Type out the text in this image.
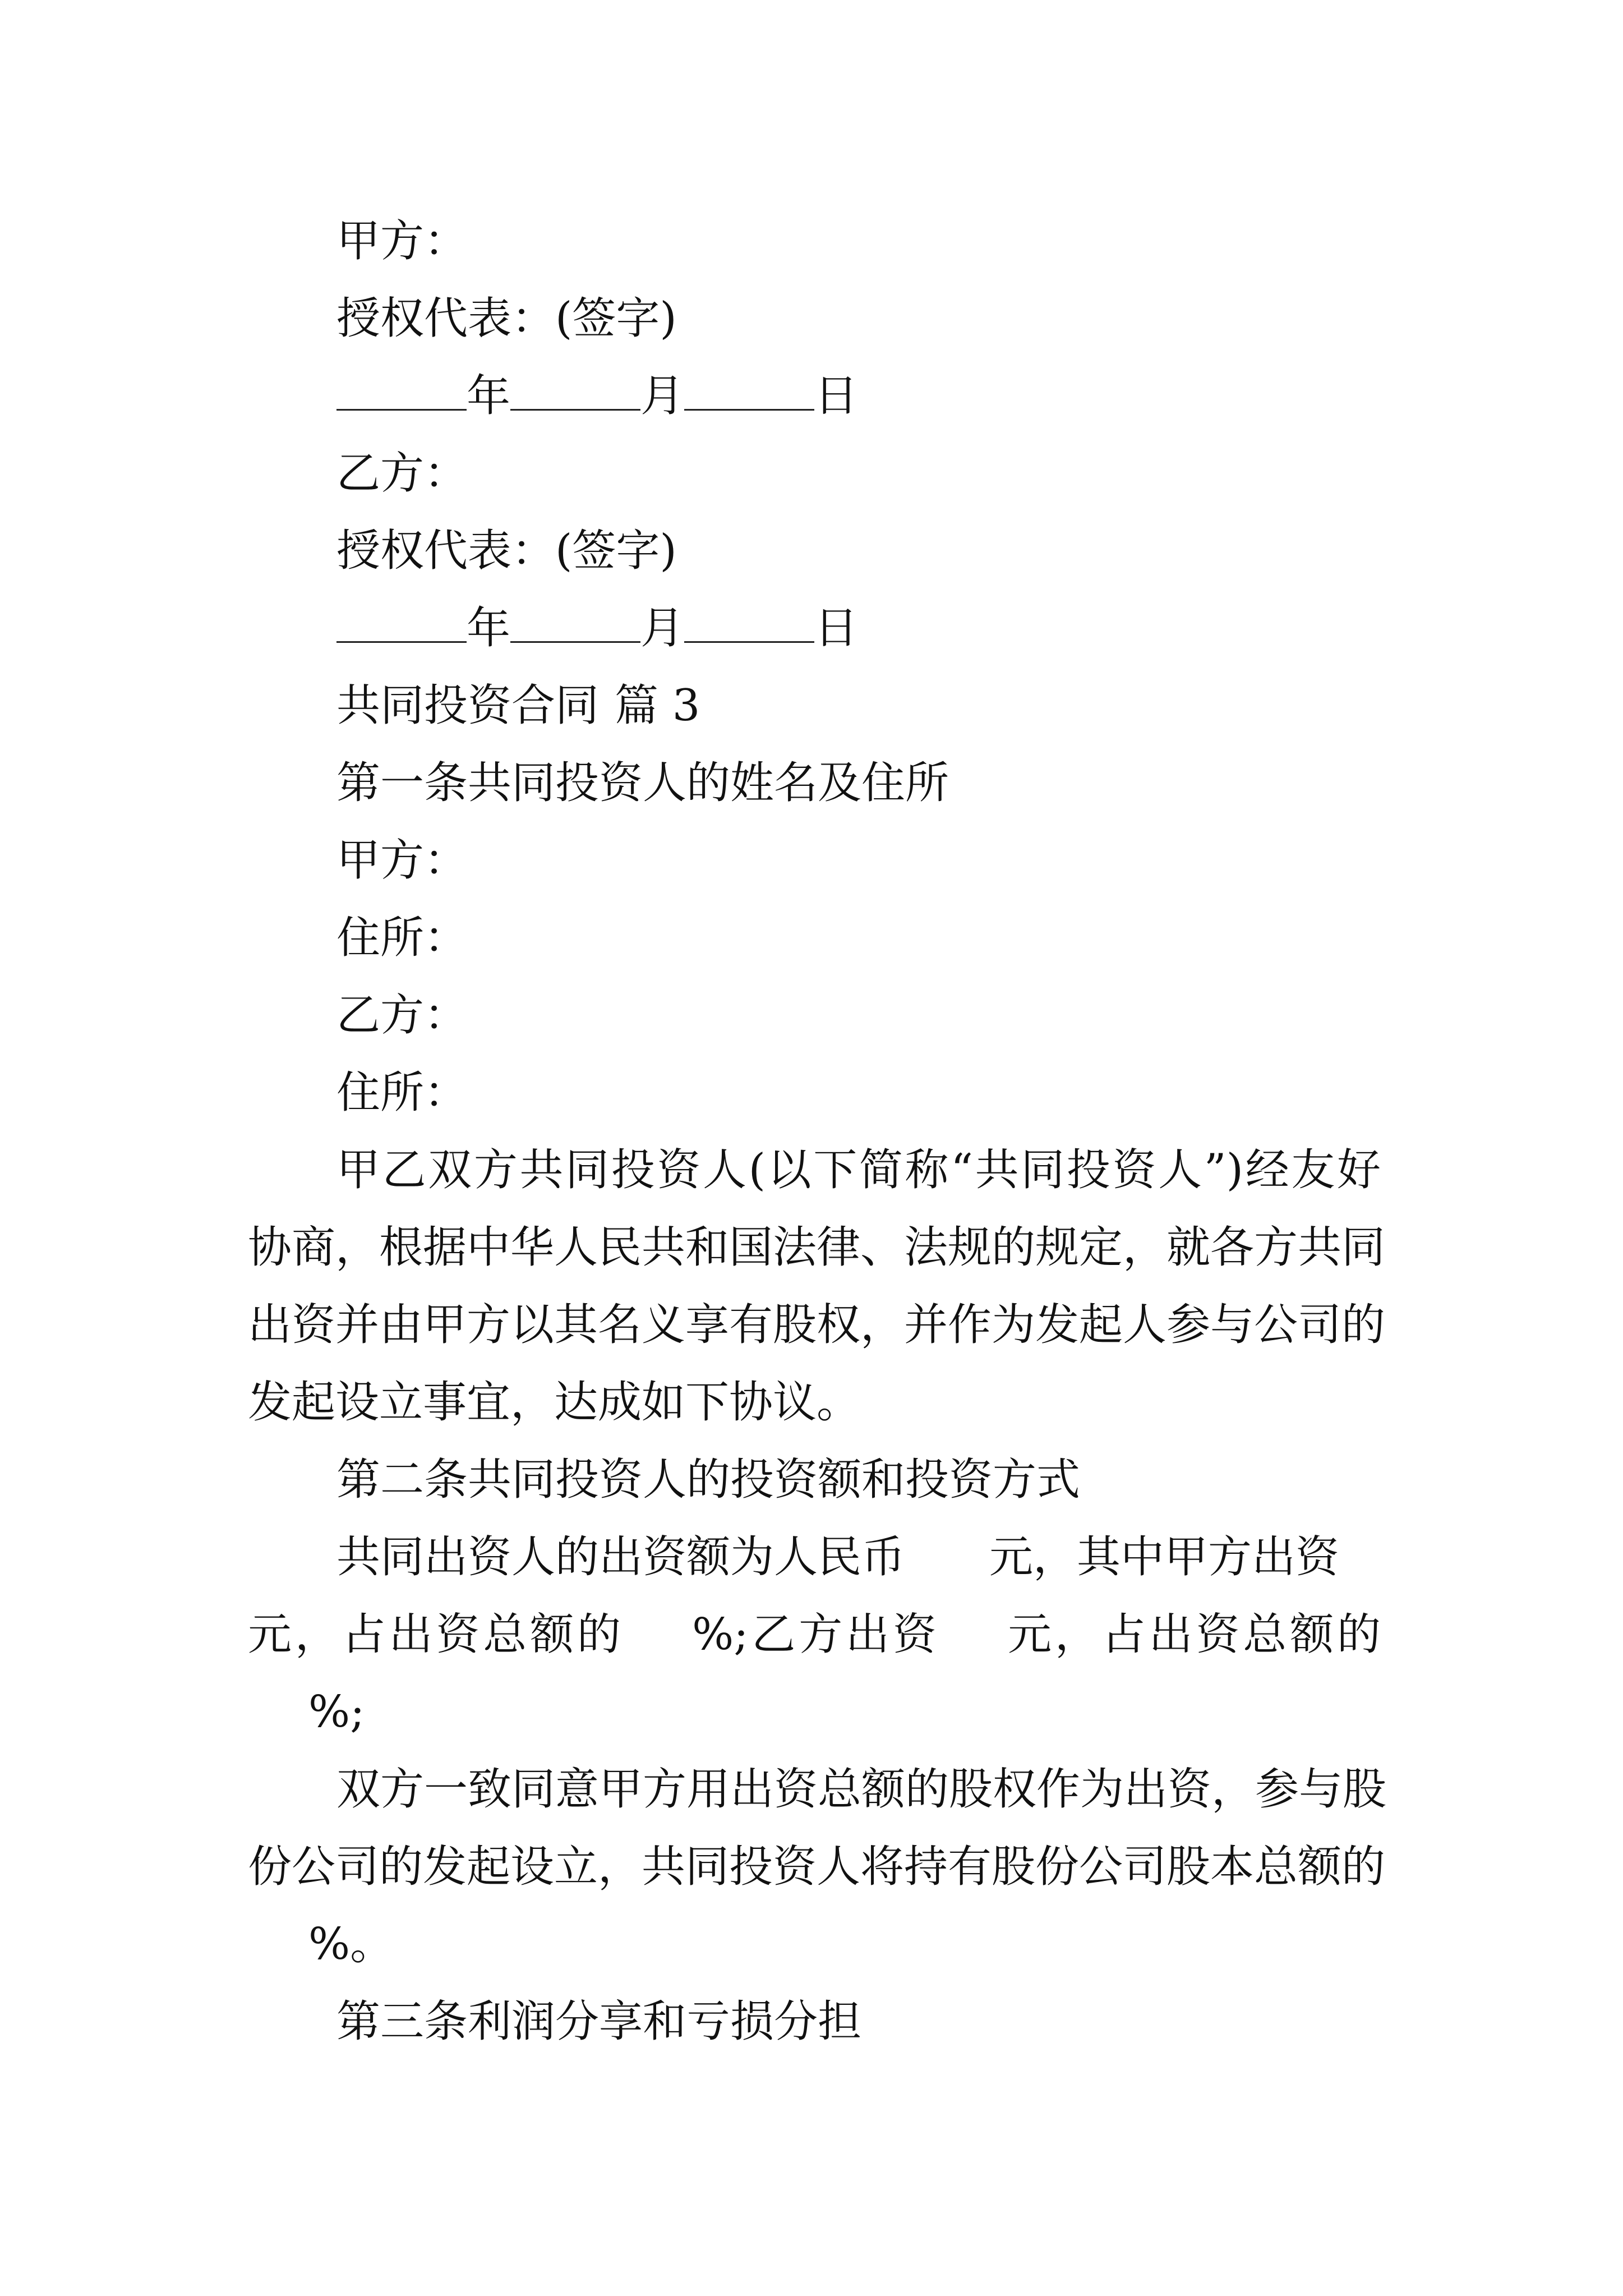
甲方：
授权代表：(签字)
年	月	日
乙方：
授权代表：(签字)
年	月	日
共同投资合同 篇 3
第一条共同投资人的姓名及住所
甲方：
住所：
乙方：
住所：
甲乙双方共同投资人(以下简称“共同投资人”)经友好
协商，根据中华人民共和国法律、法规的规定，就各方共同
出资并由甲方以其名义享有股权，并作为发起人参与公司的
发起设立事宜，达成如下协议。
第二条共同投资人的投资额和投资方式
共同出资人的出资额为人民币 元，其中甲方出资
元，占出资总额的 %;乙方出资 元，占出资总额的
%;
双方一致同意甲方用出资总额的股权作为出资，参与股
份公司的发起设立，共同投资人将持有股份公司股本总额的
%。
第三条利润分享和亏损分担
